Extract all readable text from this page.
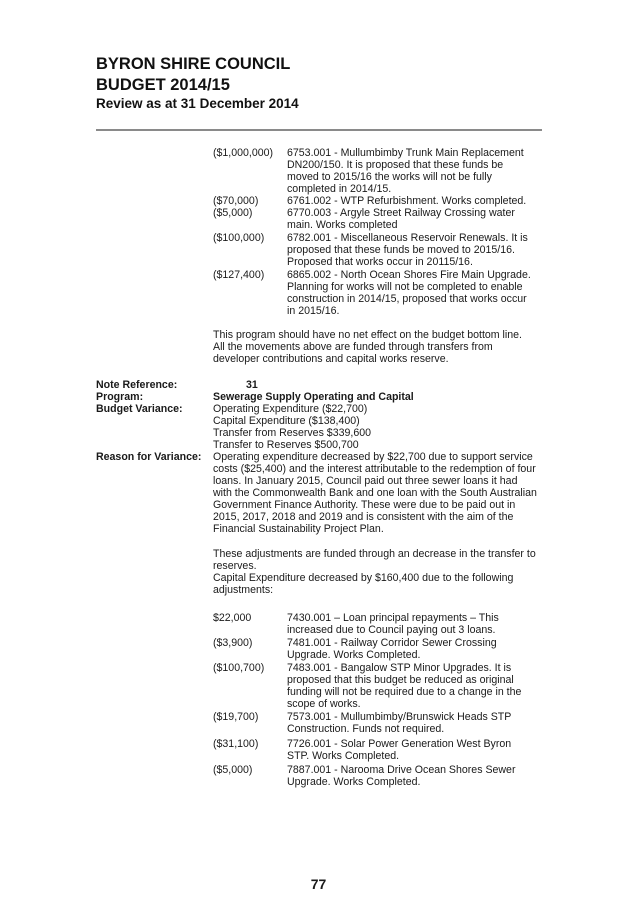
BYRON SHIRE COUNCIL
BUDGET 2014/15
Review as at 31 December 2014
($1,000,000) 6753.001 - Mullumbimby Trunk Main Replacement
DN200/150. It is proposed that these funds be
moved to 2015/16 the works will not be fully
completed in 2014/15.
($70,000)	6761.002 - WTP Refurbishment. Works completed.
($5,000)	6770.003 - Argyle Street Railway Crossing water
main. Works completed
($100,000) 6782.001 - Miscellaneous Reservoir Renewals. It is
proposed that these funds be moved to 2015/16.
Proposed that works occur in 20115/16.
($127,400) 6865.002 - North Ocean Shores Fire Main Upgrade.
Planning for works will not be completed to enable
construction in 2014/15, proposed that works occur
in 2015/16.
This program should have no net effect on the budget bottom line.
All the movements above are funded through transfers from
developer contributions and capital works reserve.
Note Reference:	31
Program:	Sewerage Supply Operating and Capital
Budget Variance:	Operating Expenditure ($22,700)
Capital Expenditure ($138,400)
Transfer from Reserves $339,600
Transfer to Reserves $500,700
Reason for Variance: Operating expenditure decreased by $22,700 due to support service
costs ($25,400) and the interest attributable to the redemption of four
loans. In January 2015, Council paid out three sewer loans it had
with the Commonwealth Bank and one loan with the South Australian
Government Finance Authority. These were due to be paid out in
2015, 2017, 2018 and 2019 and is consistent with the aim of the
Financial Sustainability Project Plan.
These adjustments are funded through an decrease in the transfer to
reserves.
Capital Expenditure decreased by $160,400 due to the following
adjustments:
$22,000	7430.001 – Loan principal repayments – This
increased due to Council paying out 3 loans.
($3,900)	7481.001 - Railway Corridor Sewer Crossing
Upgrade. Works Completed.
($100,700) 7483.001 - Bangalow STP Minor Upgrades. It is
proposed that this budget be reduced as original
funding will not be required due to a change in the
scope of works.
($19,700)	7573.001 - Mullumbimby/Brunswick Heads STP
Construction. Funds not required.
($31,100)	7726.001 - Solar Power Generation West Byron
STP. Works Completed.
($5,000)	7887.001 - Narooma Drive Ocean Shores Sewer
Upgrade. Works Completed.
77
